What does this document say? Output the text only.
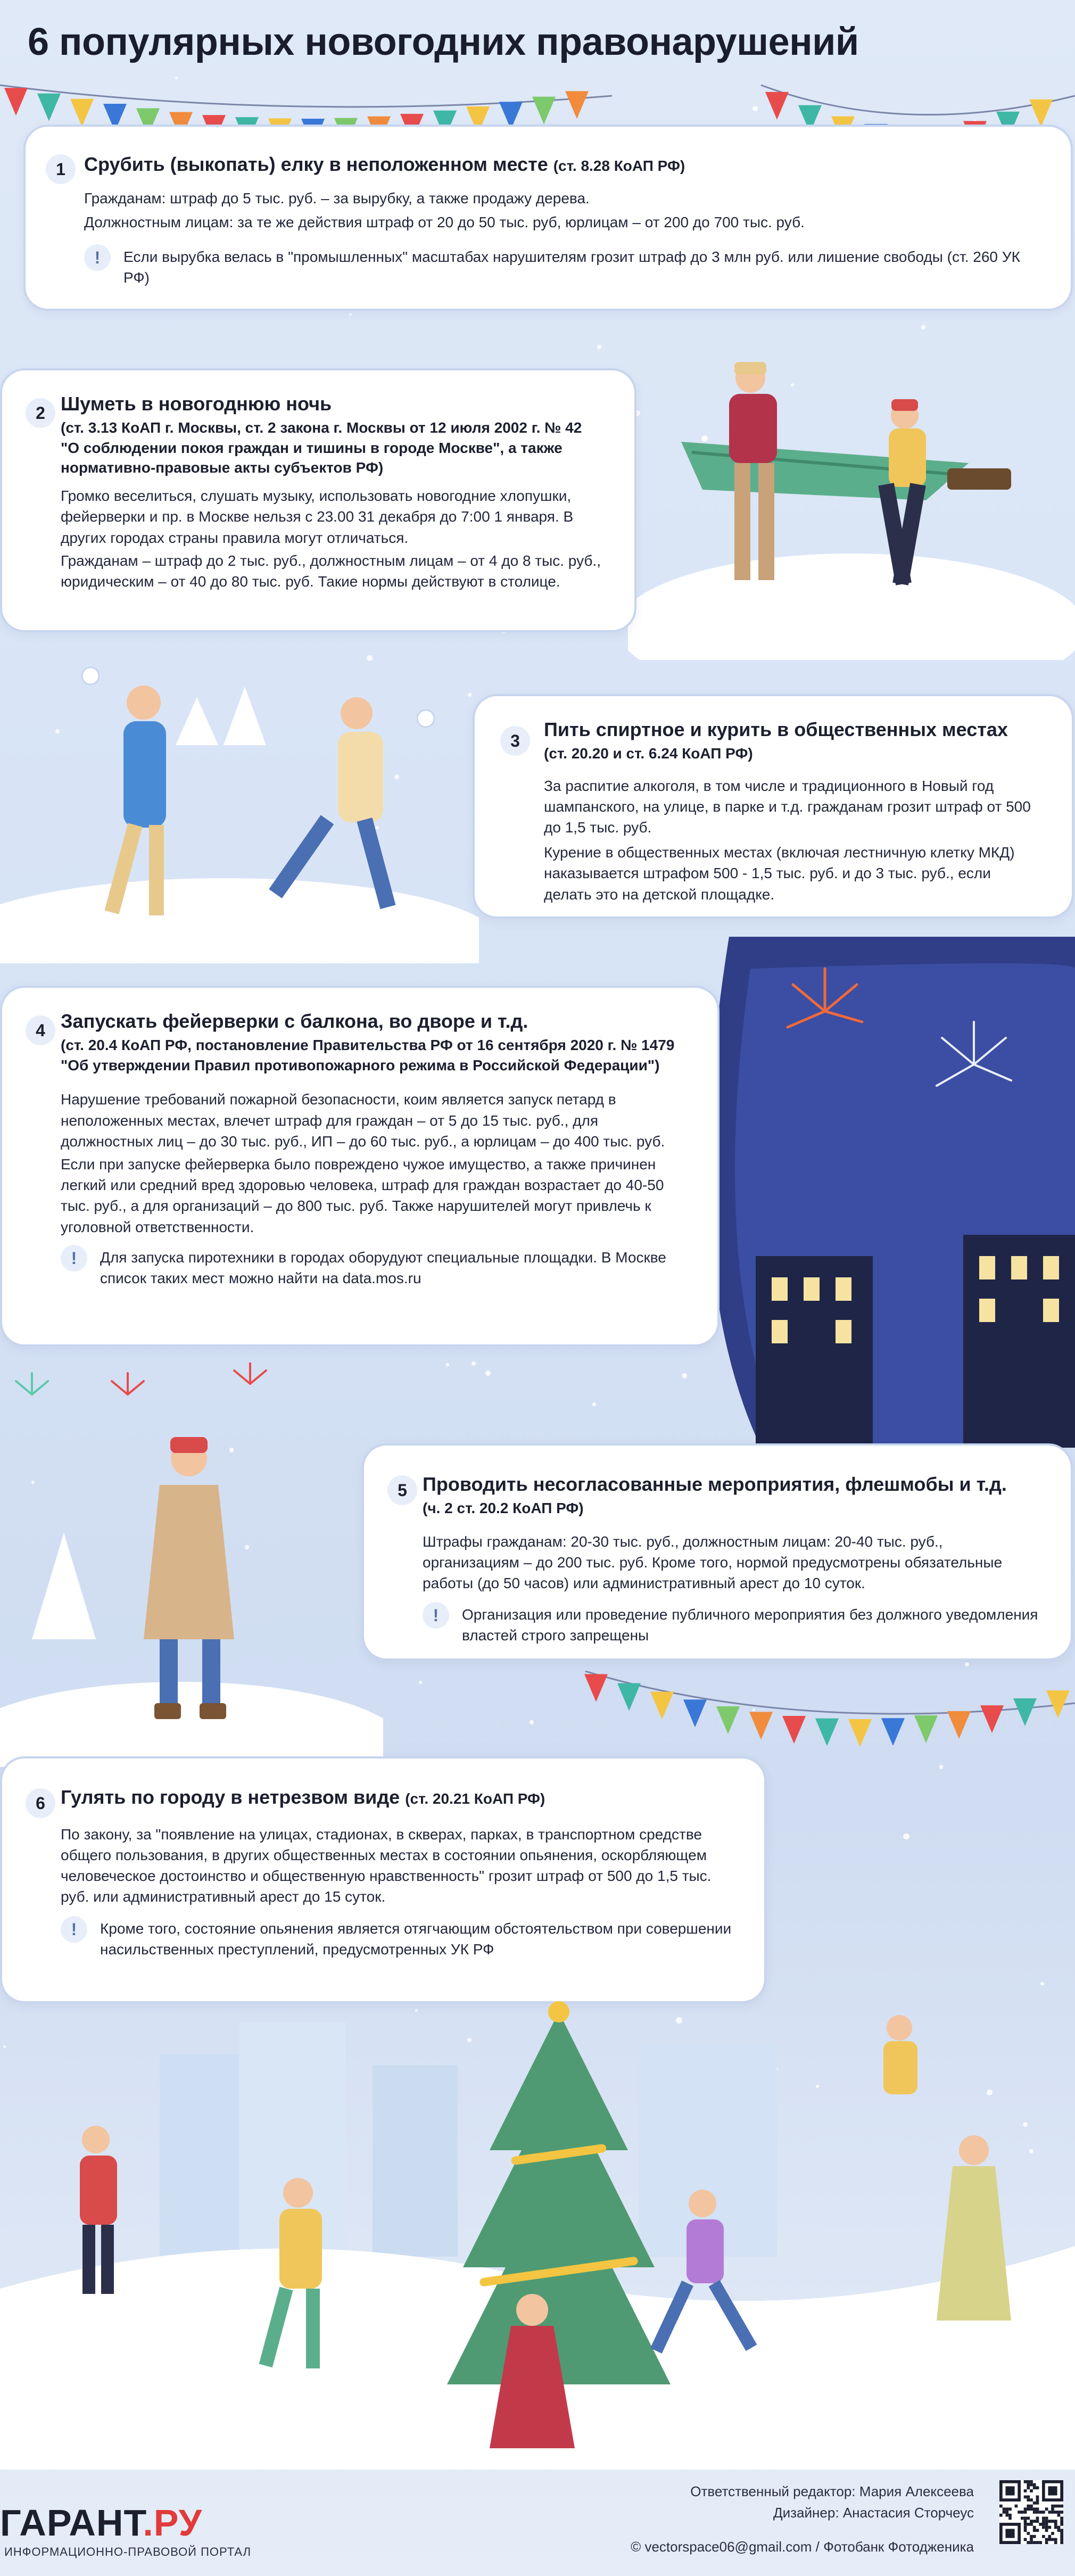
6 популярных новогодних правонарушений
1 Срубить (выкопать) елку в неположенном месте (ст. 8.28 КоАП РФ)

Гражданам: штраф до 5 тыс. руб. – за вырубку, а также продажу дерева.

Должностным лицам: за те же действия штраф от 20 до 50 тыс. руб, юрлицам – от 200 до 700 тыс. руб.

!	Если вырубка велась в "промышленных" масштабах нарушителям грозит штраф до 3 млн руб. или лишение свободы (ст. 260 УК РФ)

2 Шуметь в новогоднюю ночь
(ст. 3.13 КоАП г. Москвы, ст. 2 закона г. Москвы от 12 июля 2002 г. № 42 "О соблюдении покоя граждан и тишины в городе Москве", а также нормативно-правовые акты субъектов РФ)

Громко веселиться, слушать музыку, использовать новогодние хлопушки, фейерверки и пр. в Москве нельзя с 23.00 31 декабря до 7:00 1 января. В других городах страны правила могут отличаться.

Гражданам – штраф до 2 тыс. руб., должностным лицам – от 4 до 8 тыс. руб., юридическим – от 40 до 80 тыс. руб. Такие нормы действуют в столице.

3
Пить спиртное и курить в общественных местах
(ст. 20.20 и ст. 6.24 КоАП РФ)

За распитие алкоголя, в том числе и традиционного в Новый год шампанского, на улице, в парке и т.д. гражданам грозит штраф от 500 до 1,5 тыс. руб.

Курение в общественных местах (включая лестничную клетку МКД) наказывается штрафом 500 - 1,5 тыс. руб. и до 3 тыс. руб., если делать это на детской площадке.

4 Запускать фейерверки с балкона, во дворе и т.д.
(ст. 20.4 КоАП РФ, постановление Правительства РФ от 16 сентября 2020 г. № 1479 "Об утверждении Правил противопожарного режима в Российской Федерации")

Нарушение требований пожарной безопасности, коим является запуск петард в неположенных местах, влечет штраф для граждан – от 5 до 15 тыс. руб., для должностных лиц – до 30 тыс. руб., ИП – до 60 тыс. руб., а юрлицам – до 400 тыс. руб.

Если при запуске фейерверка было повреждено чужое имущество, а также причинен легкий или средний вред здоровью человека, штраф для граждан возрастает до 40-50 тыс. руб., а для организаций – до 800 тыс. руб. Также нарушителей могут привлечь к уголовной ответственности.

!	Для запуска пиротехники в городах оборудуют специальные площадки. В Москве список таких мест можно найти на data.mos.ru

5 Проводить несогласованные мероприятия, флешмобы и т.д.
(ч. 2 ст. 20.2 КоАП РФ)

Штрафы гражданам: 20-30 тыс. руб., должностным лицам: 20-40 тыс. руб., организациям – до 200 тыс. руб. Кроме того, нормой предусмотрены обязательные работы (до 50 часов) или административный арест до 10 суток.

!	Организация или проведение публичного мероприятия без должного уведомления властей строго запрещены

6 Гулять по городу в нетрезвом виде (ст. 20.21 КоАП РФ)

По закону, за "появление на улицах, стадионах, в скверах, парках, в транспортном средстве общего пользования, в других общественных местах в состоянии опьянения, оскорбляющем человеческое достоинство и общественную нравственность" грозит штраф от 500 до 1,5 тыс. руб. или административный арест до 15 суток.

!	Кроме того, состояние опьянения является отягчающим обстоятельством при совершении насильственных преступлений, предусмотренных УК РФ

Ответственный редактор: Мария Алексеева
Дизайнер: Анастасия Сторчеус
© vectorspace06@gmail.com / Фотобанк Фотодженика
ГАРАНТ.РУ
ИНФОРМАЦИОННО-ПРАВОВОЙ ПОРТАЛ
